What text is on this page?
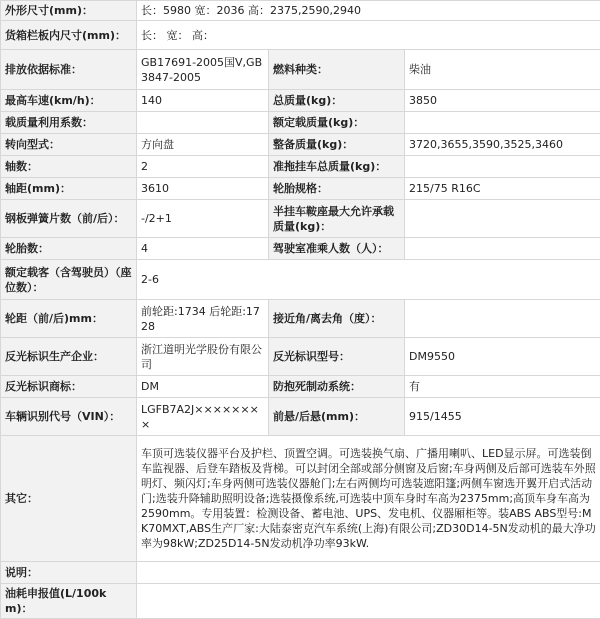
外形尺寸(mm)：	长：5980 宽：2036 高：2375,2590,2940		
货箱栏板内尺寸(mm)：	长： 宽： 高：		
排放依据标准：	GB17691-2005国Ⅴ,GB3847-2005	燃料种类：	柴油
最高车速(km/h)：	140	总质量(kg)：	3850
载质量利用系数：		额定载质量(kg)：	
转向型式：	方向盘	整备质量(kg)：	3720,3655,3590,3525,3460
轴数：	2	准拖挂车总质量(kg)：	
轴距(mm)：	3610	轮胎规格：	215/75 R16C
钢板弹簧片数（前/后）：	-/2+1	半挂车鞍座最大允许承载质量(kg)：	
轮胎数：	4	驾驶室准乘人数（人）：	
额定载客（含驾驶员）（座位数）：	2-6		
轮距（前/后)mm：	前轮距:1734 后轮距:1728	接近角/离去角（度）：	
反光标识生产企业：	浙江道明光学股份有限公司	反光标识型号：	DM9550
反光标识商标：	DM	防抱死制动系统：	有
车辆识别代号（VIN）：	LGFB7A2J××××××××	前悬/后悬(mm)：	915/1455
其它：	车顶可选装仪器平台及护栏、顶置空调。可选装换气扇、广播用喇叭、LED显示屏。可选装倒车监视器、后登车踏板及背梯。可以封闭全部或部分侧窗及后窗;车身两侧及后部可选装车外照明灯、频闪灯;车身两侧可选装仪器舱门;左右两侧均可选装遮阳篷;两侧车窗选开翼开启式活动门;选装升降辅助照明设备;选装摄像系统,可选装中顶车身时车高为2375mm;高顶车身车高为2590mm。专用装置：检测设备、蓄电池、UPS、发电机、仪器厢柜等。装ABS ABS型号:MK70MXT,ABS生产厂家:大陆泰密克汽车系统(上海)有限公司;ZD30D14-5N发动机的最大净功率为98kW;ZD25D14-5N发动机净功率93kW.		
说明：			
油耗申报值(L/100km)：			
